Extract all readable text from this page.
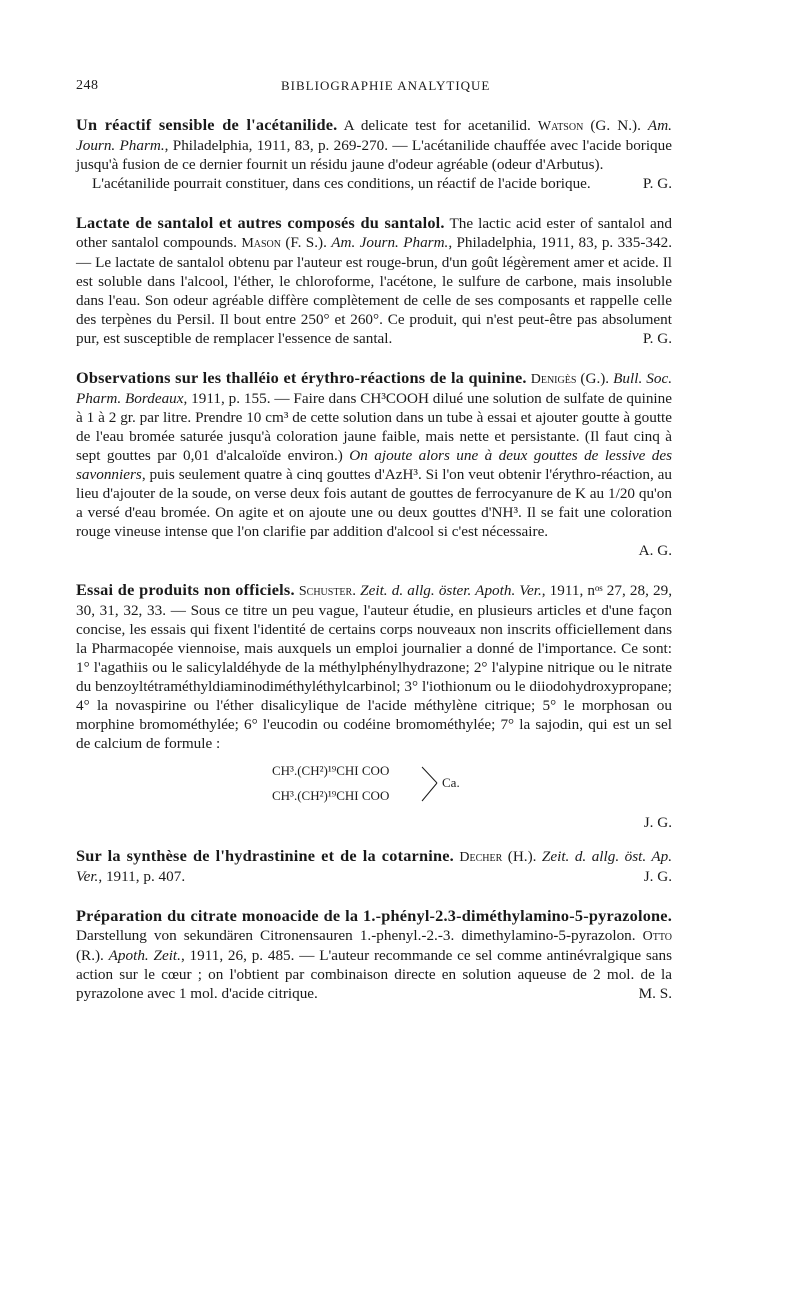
248	BIBLIOGRAPHIE ANALYTIQUE

Un réactif sensible de l'acétanilide. A delicate test for acetanilid. Watson (G. N.). Am. Journ. Pharm., Philadelphia, 1911, 83, p. 269-270. — L'acétanilide chauffée avec l'acide borique jusqu'à fusion de ce dernier fournit un résidu jaune d'odeur agréable (odeur d'Arbutus).

L'acétanilide pourrait constituer, dans ces conditions, un réactif de l'acide borique.	P. G.

Lactate de santalol et autres composés du santalol. The lactic acid ester of santalol and other santalol compounds. Mason (F. S.). Am. Journ. Pharm., Philadelphia, 1911, 83, p. 335-342. — Le lactate de santalol obtenu par l'auteur est rouge-brun, d'un goût légèrement amer et acide. Il est soluble dans l'alcool, l'éther, le chloroforme, l'acétone, le sulfure de carbone, mais insoluble dans l'eau. Son odeur agréable diffère complètement de celle de ses composants et rappelle celle des terpènes du Persil. Il bout entre 250° et 260°. Ce produit, qui n'est peut-être pas absolument pur, est susceptible de remplacer l'essence de santal.	P. G.

Observations sur les thalléio et érythro-réactions de la quinine. Denigès (G.). Bull. Soc. Pharm. Bordeaux, 1911, p. 155. — Faire dans CH³COOH dilué une solution de sulfate de quinine à 1 à 2 gr. par litre. Prendre 10 cm³ de cette solution dans un tube à essai et ajouter goutte à goutte de l'eau bromée saturée jusqu'à coloration jaune faible, mais nette et persistante. (Il faut cinq à sept gouttes par 0,01 d'alcaloïde environ.) On ajoute alors une à deux gouttes de lessive des savonniers, puis seulement quatre à cinq gouttes d'AzH³. Si l'on veut obtenir l'érythro-réaction, au lieu d'ajouter de la soude, on verse deux fois autant de gouttes de ferrocyanure de K au 1/20 qu'on a versé d'eau bromée. On agite et on ajoute une ou deux gouttes d'NH³. Il se fait une coloration rouge vineuse intense que l'on clarifie par addition d'alcool si c'est nécessaire.

A. G.

Essai de produits non officiels. Schuster. Zeit. d. allg. öster. Apoth. Ver., 1911, nᵒˢ 27, 28, 29, 30, 31, 32, 33. — Sous ce titre un peu vague, l'auteur étudie, en plusieurs articles et d'une façon concise, les essais qui fixent l'identité de certains corps nouveaux non inscrits officiellement dans la Pharmacopée viennoise, mais auxquels un emploi journalier a donné de l'importance. Ce sont: 1° l'agathiis ou le salicylaldéhyde de la méthylphénylhydrazone; 2° l'alypine nitrique ou le nitrate du benzoyltétraméthyldiaminodiméthyléthylcarbinol; 3° l'iothionum ou le diiodohydroxypropane; 4° la novaspirine ou l'éther disalicylique de l'acide méthylène citrique; 5° le morphosan ou morphine bromométhylée; 6° l'eucodin ou codéine bromométhylée; 7° la sajodin, qui est un sel de calcium de formule :

CH³.(CH²)¹⁹CHI COO
CH³.(CH²)¹⁹CHI COO
Ca.

J. G.

Sur la synthèse de l'hydrastinine et de la cotarnine. Decher (H.). Zeit. d. allg. öst. Ap. Ver., 1911, p. 407.	J. G.

Préparation du citrate monoacide de la 1.-phényl-2.3-diméthylamino-5-pyrazolone. Darstellung von sekundären Citronensauren 1.-phenyl.-2.-3. dimethylamino-5-pyrazolon. Otto (R.). Apoth. Zeit., 1911, 26, p. 485. — L'auteur recommande ce sel comme antinévralgique sans action sur le cœur ; on l'obtient par combinaison directe en solution aqueuse de 2 mol. de la pyrazolone avec 1 mol. d'acide citrique.	M. S.
